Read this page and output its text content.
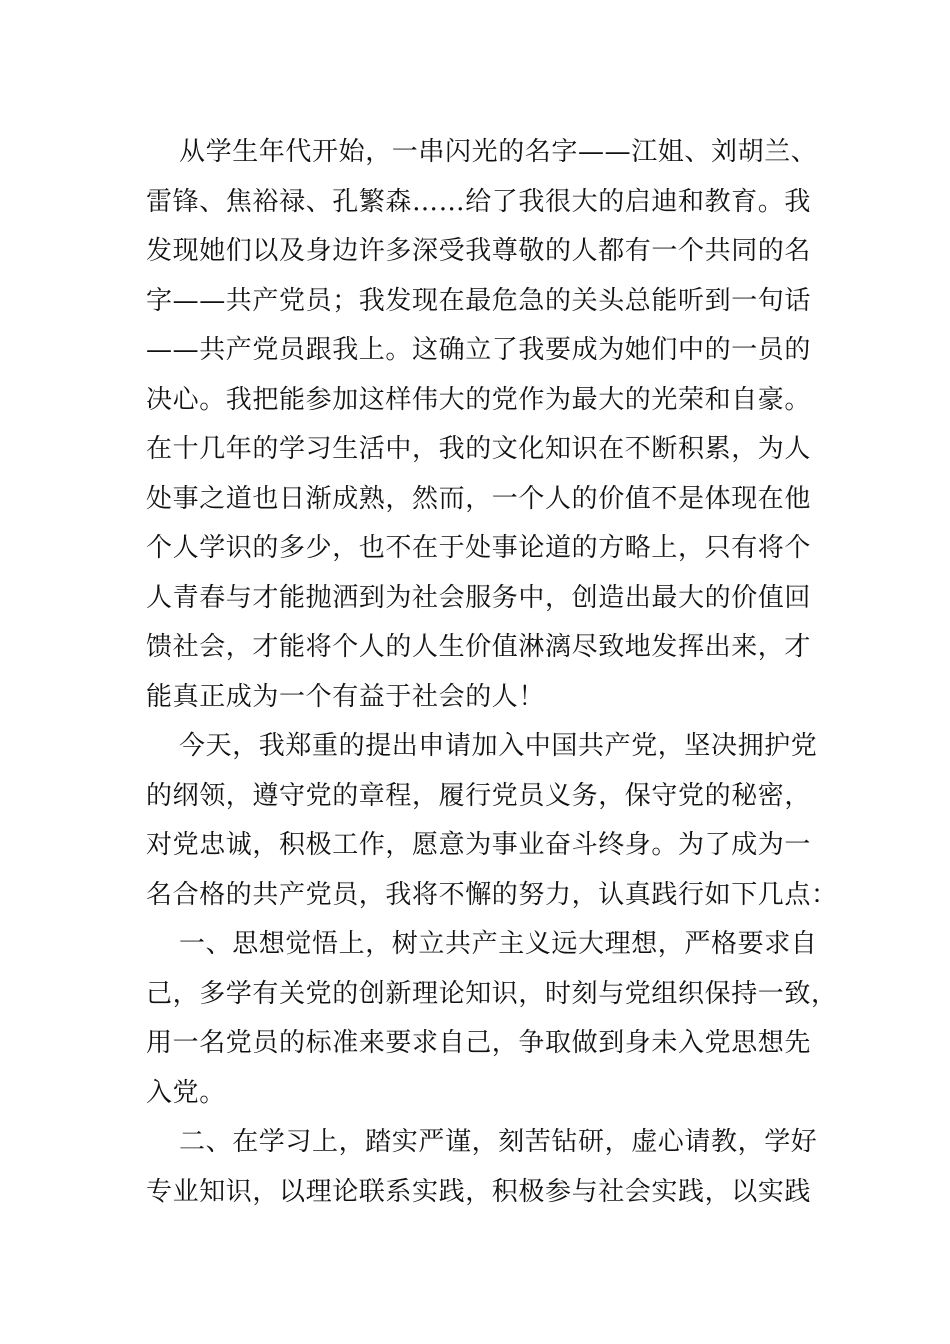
从学生年代开始，一串闪光的名字——江姐、刘胡兰、
雷锋、焦裕禄、孔繁森……给了我很大的启迪和教育。我
发现她们以及身边许多深受我尊敬的人都有一个共同的名
字——共产党员；我发现在最危急的关头总能听到一句话
——共产党员跟我上。这确立了我要成为她们中的一员的
决心。我把能参加这样伟大的党作为最大的光荣和自豪。
在十几年的学习生活中，我的文化知识在不断积累，为人
处事之道也日渐成熟，然而，一个人的价值不是体现在他
个人学识的多少，也不在于处事论道的方略上，只有将个
人青春与才能抛洒到为社会服务中，创造出最大的价值回
馈社会，才能将个人的人生价值淋漓尽致地发挥出来，才
能真正成为一个有益于社会的人！
今天，我郑重的提出申请加入中国共产党，坚决拥护党
的纲领，遵守党的章程，履行党员义务，保守党的秘密，
对党忠诚，积极工作，愿意为事业奋斗终身。为了成为一
名合格的共产党员，我将不懈的努力，认真践行如下几点：
一、思想觉悟上，树立共产主义远大理想，严格要求自
己，多学有关党的创新理论知识，时刻与党组织保持一致，
用一名党员的标准来要求自己，争取做到身未入党思想先
入党。
二、在学习上，踏实严谨，刻苦钻研，虚心请教，学好
专业知识，以理论联系实践，积极参与社会实践，以实践
